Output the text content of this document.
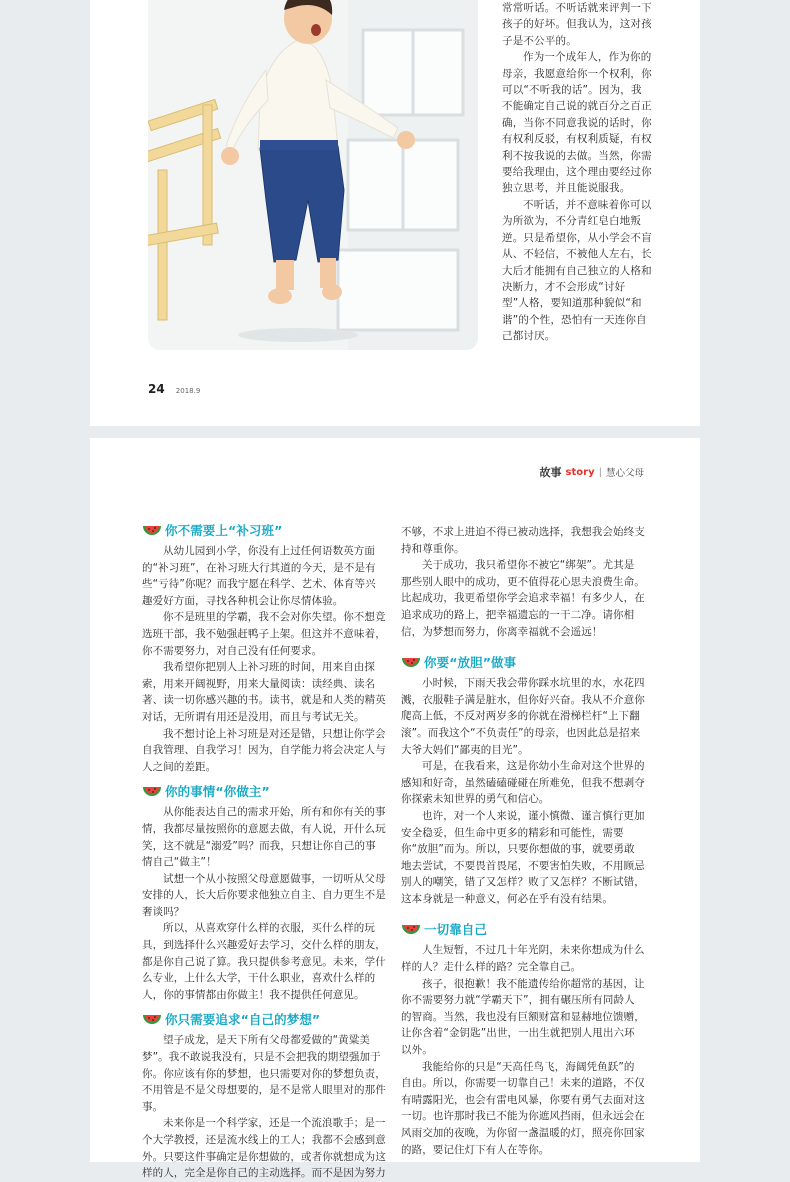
常常听话。不听话就来评判一下孩子的好坏。但我认为，这对孩子是不公平的。

作为一个成年人，作为你的母亲，我愿意给你一个权利，你可以“不听我的话”。因为，我不能确定自己说的就百分之百正确，当你不同意我说的话时，你有权利反驳，有权利质疑，有权利不按我说的去做。当然，你需要给我理由，这个理由要经过你独立思考，并且能说服我。

不听话，并不意味着你可以为所欲为，不分青红皂白地叛逆。只是希望你，从小学会不盲从、不轻信，不被他人左右，长大后才能拥有自己独立的人格和决断力，才不会形成“讨好型”人格，要知道那种貌似“和谐”的个性，恐怕有一天连你自己都讨厌。

24 2018.9
故事 story | 慧心父母
你不需要上“补习班”

从幼儿园到小学，你没有上过任何语数英方面的“补习班”，在补习班大行其道的今天，是不是有些“亏待”你呢？而我宁愿在科学、艺术、体育等兴趣爱好方面，寻找各种机会让你尽情体验。

你不是班里的学霸，我不会对你失望。你不想竞选班干部，我不勉强赶鸭子上架。但这并不意味着，你不需要努力，对自己没有任何要求。

我希望你把别人上补习班的时间，用来自由探索，用来开阔视野，用来大量阅读：读经典、读名著、读一切你感兴趣的书。读书，就是和人类的精英对话，无所谓有用还是没用，而且与考试无关。

我不想讨论上补习班是对还是错，只想让你学会自我管理、自我学习！因为，自学能力将会决定人与人之间的差距。

你的事情“你做主”

从你能表达自己的需求开始，所有和你有关的事情，我都尽量按照你的意愿去做，有人说，开什么玩笑，这不就是“溺爱”吗？而我，只想让你自己的事情自己“做主”！

试想一个从小按照父母意愿做事，一切听从父母安排的人，长大后你要求他独立自主、自力更生不是奢谈吗？

所以，从喜欢穿什么样的衣服，买什么样的玩具，到选择什么兴趣爱好去学习，交什么样的朋友，都是你自己说了算。我只提供参考意见。未来，学什么专业，上什么大学，干什么职业，喜欢什么样的人，你的事情都由你做主！我不提供任何意见。

你只需要追求“自己的梦想”

望子成龙，是天下所有父母都爱做的“黄粱美梦”。我不敢说我没有，只是不会把我的期望强加于你。你应该有你的梦想，也只需要对你的梦想负责，不用管是不是父母想要的，是不是常人眼里对的那件事。

未来你是一个科学家，还是一个流浪歌手；是一个大学教授，还是流水线上的工人；我都不会感到意外。只要这件事确定是你想做的，或者你就想成为这样的人，完全是你自己的主动选择。而不是因为努力

不够，不求上进迫不得已被动选择，我想我会始终支持和尊重你。

关于成功，我只希望你不被它“绑架”。尤其是那些别人眼中的成功，更不值得花心思夫浪费生命。比起成功，我更希望你学会追求幸福！有多少人，在追求成功的路上，把幸福遗忘的一干二净。请你相信，为梦想而努力，你离幸福就不会遥远！

你要“放胆”做事

小时候，下雨天我会带你踩水坑里的水，水花四溅，衣服鞋子满是脏水，但你好兴奋。我从不介意你爬高上低，不反对两岁多的你就在滑梯栏杆“上下翻滚”。而我这个“不负责任”的母亲，也因此总是招来大爷大妈们“鄙夷的目光”。

可是，在我看来，这是你幼小生命对这个世界的感知和好奇，虽然磕磕碰碰在所难免，但我不想剥夺你探索未知世界的勇气和信心。

也许，对一个人来说，谨小慎微、谨言慎行更加安全稳妥，但生命中更多的精彩和可能性，需要你“放胆”而为。所以，只要你想做的事，就要勇敢地去尝试，不要畏首畏尾，不要害怕失败，不用顾忌别人的嘲笑，错了又怎样？败了又怎样？不断试错，这本身就是一种意义，何必在乎有没有结果。

一切靠自己

人生短暂，不过几十年光阴，未来你想成为什么样的人？走什么样的路？完全靠自己。

孩子，很抱歉！我不能遗传给你超常的基因，让你不需要努力就“学霸天下”，拥有碾压所有同龄人的智商。当然，我也没有巨额财富和显赫地位馈赠，让你含着“金钥匙”出世，一出生就把别人甩出六环以外。

我能给你的只是“天高任鸟飞，海阔凭鱼跃”的自由。所以，你需要一切靠自己！未来的道路，不仅有晴露阳光，也会有雷电风暴，你要有勇气去面对这一切。也许那时我已不能为你遮风挡雨，但永远会在风雨交加的夜晚，为你留一盏温暖的灯，照亮你回家的路，要记住灯下有人在等你。
